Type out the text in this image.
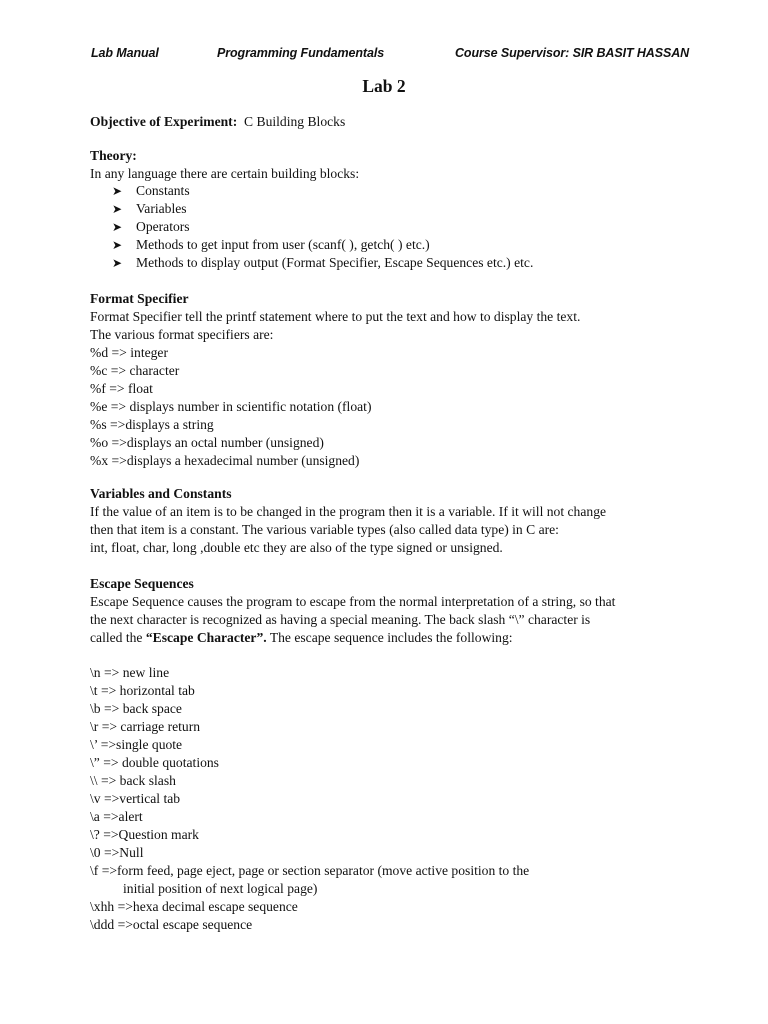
Lab Manual	Programming Fundamentals	Course Supervisor: SIR BASIT HASSAN
Lab 2
Objective of Experiment: C Building Blocks
Theory:
In any language there are certain building blocks:
➤ Constants
➤ Variables
➤ Operators
➤ Methods to get input from user (scanf( ), getch( ) etc.)
➤ Methods to display output (Format Specifier, Escape Sequences etc.) etc.
Format Specifier
Format Specifier tell the printf statement where to put the text and how to display the text.
The various format specifiers are:
%d => integer
%c => character
%f => float
%e => displays number in scientific notation (float)
%s =>displays a string
%o =>displays an octal number (unsigned)
%x =>displays a hexadecimal number (unsigned)
Variables and Constants
If the value of an item is to be changed in the program then it is a variable. If it will not change
then that item is a constant. The various variable types (also called data type) in C are:
int, float, char, long ,double etc they are also of the type signed or unsigned.
Escape Sequences
Escape Sequence causes the program to escape from the normal interpretation of a string, so that
the next character is recognized as having a special meaning. The back slash “\” character is
called the “Escape Character”. The escape sequence includes the following:
\n => new line
\t => horizontal tab
\b => back space
\r => carriage return
\’ =>single quote
\” => double quotations
\\ => back slash
\v =>vertical tab
\a =>alert
\? =>Question mark
\0 =>Null
\f =>form feed, page eject, page or section separator (move active position to the
initial position of next logical page)
\xhh =>hexa decimal escape sequence
\ddd =>octal escape sequence
